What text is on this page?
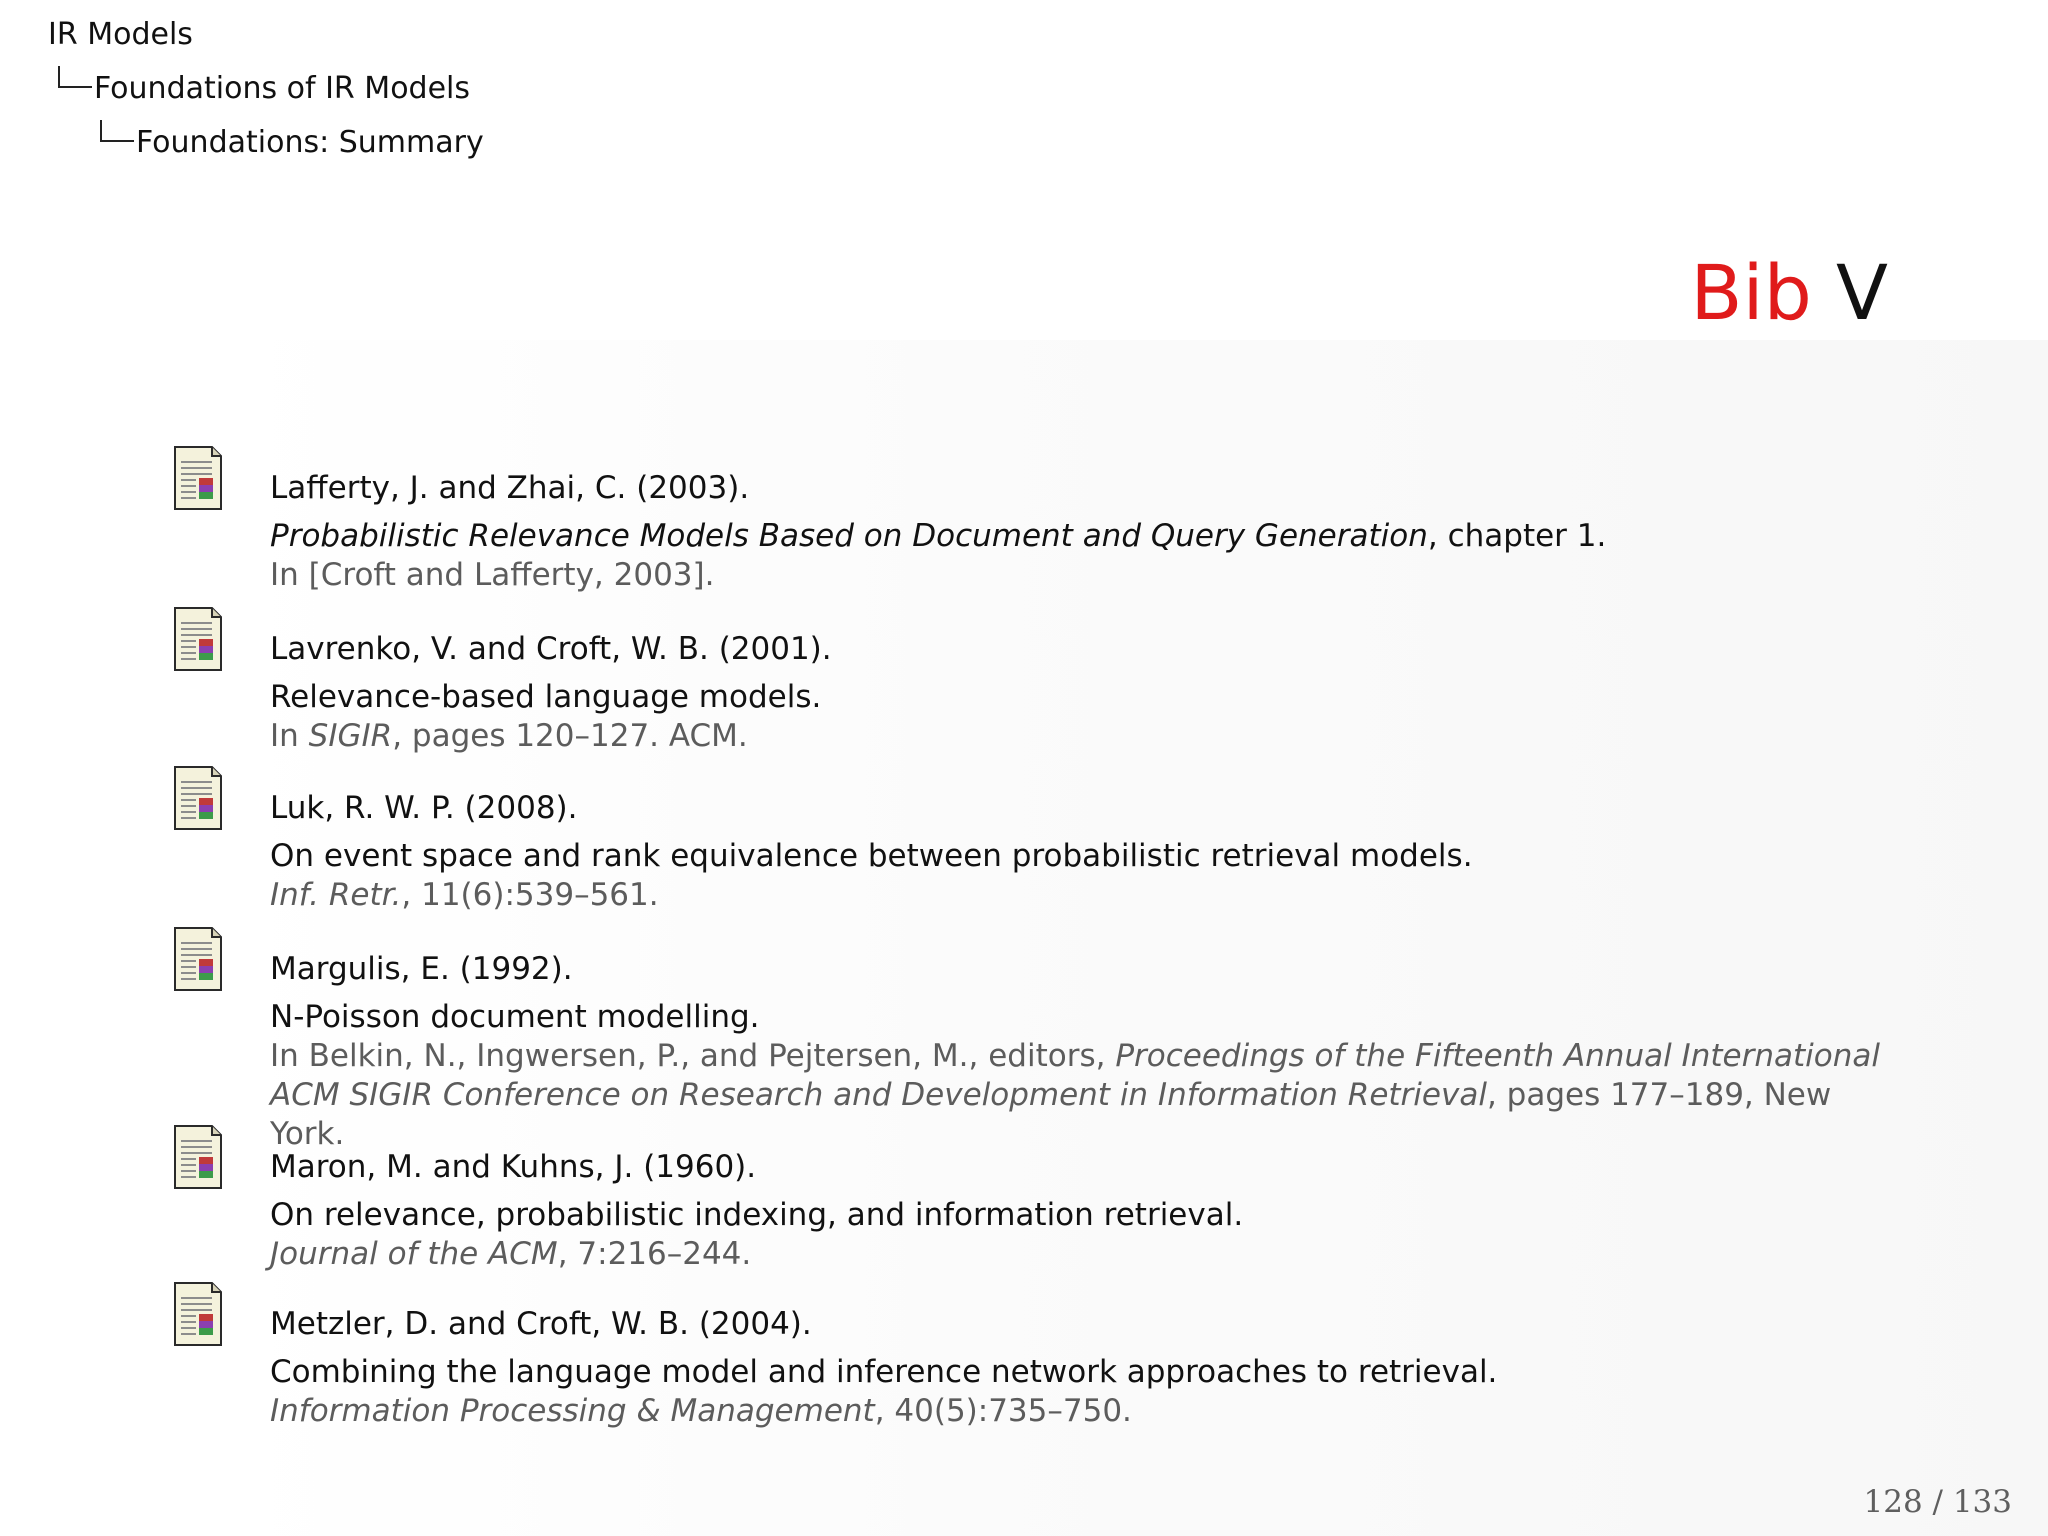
IR Models
Foundations of IR Models
Foundations: Summary
Bib V
Lafferty, J. and Zhai, C. (2003).
Probabilistic Relevance Models Based on Document and Query Generation, chapter 1.
In [Croft and Lafferty, 2003].
Lavrenko, V. and Croft, W. B. (2001).
Relevance-based language models.
In SIGIR, pages 120–127. ACM.
Luk, R. W. P. (2008).
On event space and rank equivalence between probabilistic retrieval models.
Inf. Retr., 11(6):539–561.
Margulis, E. (1992).
N-Poisson document modelling.
In Belkin, N., Ingwersen, P., and Pejtersen, M., editors, Proceedings of the Fifteenth Annual International ACM SIGIR Conference on Research and Development in Information Retrieval, pages 177–189, New York.
Maron, M. and Kuhns, J. (1960).
On relevance, probabilistic indexing, and information retrieval.
Journal of the ACM, 7:216–244.
Metzler, D. and Croft, W. B. (2004).
Combining the language model and inference network approaches to retrieval.
Information Processing & Management, 40(5):735–750.
128 / 133
